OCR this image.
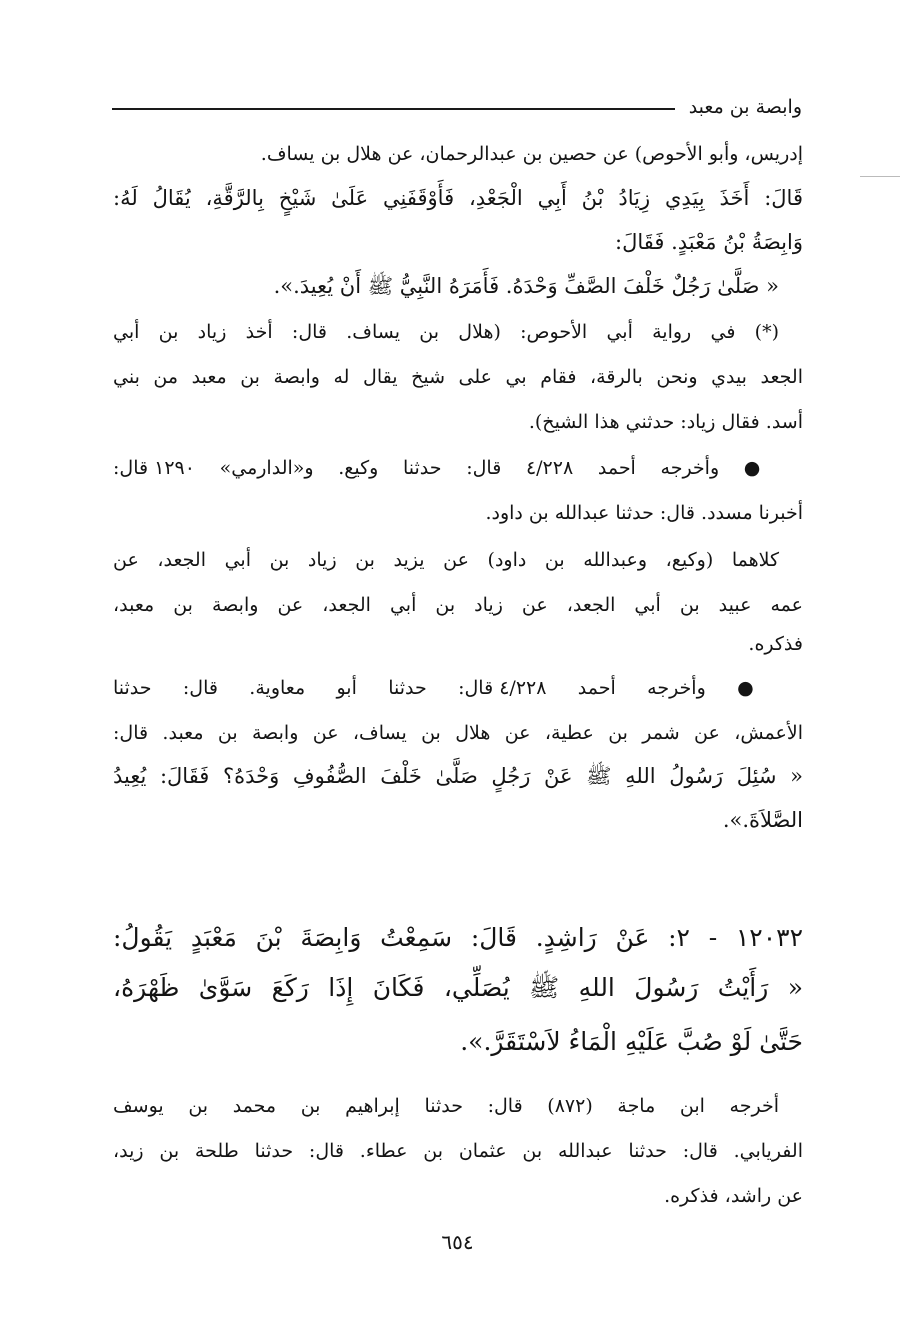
وابصة بن معبد
إدريس، وأبو الأحوص) عن حصين بن عبدالرحمان، عن هلال بن يساف.
قَالَ: أَخَذَ بِيَدِي زِيَادُ بْنُ أَبِي الْجَعْدِ، فَأَوْقَفَنِي عَلَىٰ شَيْخٍ بِالرَّقَّةِ، يُقَالُ لَهُ:
وَابِصَةُ بْنُ مَعْبَدٍ. فَقَالَ:
« صَلَّىٰ رَجُلٌ خَلْفَ الصَّفِّ وَحْدَهُ. فَأَمَرَهُ النَّبِيُّ ﷺ أَنْ يُعِيدَ.».
(*) في رواية أبي الأحوص: (هلال بن يساف. قال: أخذ زياد بن أبي
الجعد بيدي ونحن بالرقة، فقام بي على شيخ يقال له وابصة بن معبد من بني
أسد. فقال زياد: حدثني هذا الشيخ).
● وأخرجه أحمد ٤/٢٢٨ قال: حدثنا وكيع. و«الدارمي» ١٢٩٠ قال:
أخبرنا مسدد. قال: حدثنا عبدالله بن داود.
كلاهما (وكيع، وعبدالله بن داود) عن يزيد بن زياد بن أبي الجعد، عن
عمه عبيد بن أبي الجعد، عن زياد بن أبي الجعد، عن وابصة بن معبد،
فذكره.
● وأخرجه أحمد ٤/٢٢٨ قال: حدثنا أبو معاوية. قال: حدثنا
الأعمش، عن شمر بن عطية، عن هلال بن يساف، عن وابصة بن معبد. قال:
« سُئِلَ رَسُولُ اللهِ ﷺ عَنْ رَجُلٍ صَلَّىٰ خَلْفَ الصُّفُوفِ وَحْدَهُ؟ فَقَالَ: يُعِيدُ
الصَّلاَةَ.».
١٢٠٣٢ - ٢: عَنْ رَاشِدٍ. قَالَ: سَمِعْتُ وَابِصَةَ بْنَ مَعْبَدٍ يَقُولُ:
« رَأَيْتُ رَسُولَ اللهِ ﷺ يُصَلِّي، فَكَانَ إِذَا رَكَعَ سَوَّىٰ ظَهْرَهُ،
حَتَّىٰ لَوْ صُبَّ عَلَيْهِ الْمَاءُ لاَسْتَقَرَّ.».
أخرجه ابن ماجة (٨٧٢) قال: حدثنا إبراهيم بن محمد بن يوسف
الفريابي. قال: حدثنا عبدالله بن عثمان بن عطاء. قال: حدثنا طلحة بن زيد،
عن راشد، فذكره.
٦٥٤
